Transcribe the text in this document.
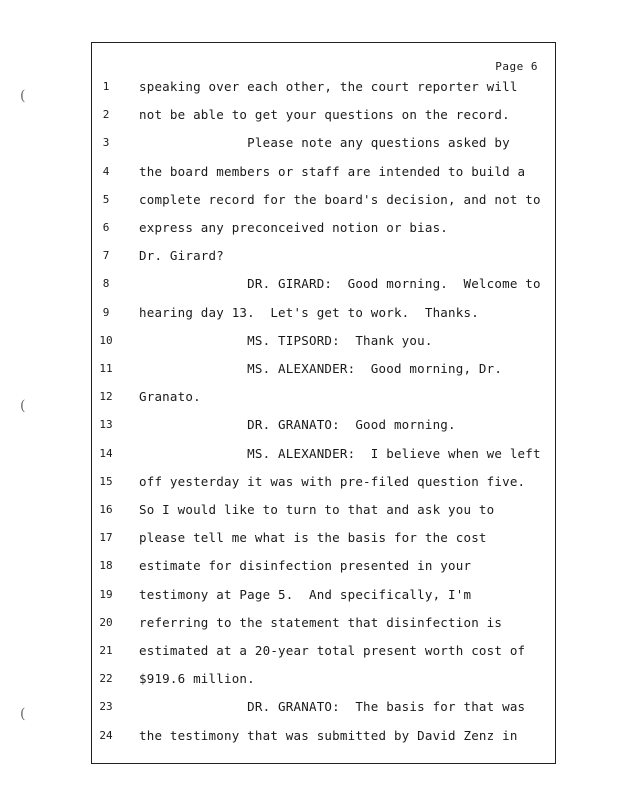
(
(
(
Page 6
1	speaking over each other, the court reporter will
2	not be able to get your questions on the record.
3	Please note any questions asked by
4	the board members or staff are intended to build a
5	complete record for the board's decision, and not to
6	express any preconceived notion or bias.
7	Dr. Girard?
8	DR. GIRARD:  Good morning.  Welcome to
9	hearing day 13.  Let's get to work.  Thanks.
10	MS. TIPSORD:  Thank you.
11	MS. ALEXANDER:  Good morning, Dr.
12	Granato.
13	DR. GRANATO:  Good morning.
14	MS. ALEXANDER:  I believe when we left
15	off yesterday it was with pre-filed question five.
16	So I would like to turn to that and ask you to
17	please tell me what is the basis for the cost
18	estimate for disinfection presented in your
19	testimony at Page 5.  And specifically, I'm
20	referring to the statement that disinfection is
21	estimated at a 20-year total present worth cost of
22	$919.6 million.
23	DR. GRANATO:  The basis for that was
24	the testimony that was submitted by David Zenz in
